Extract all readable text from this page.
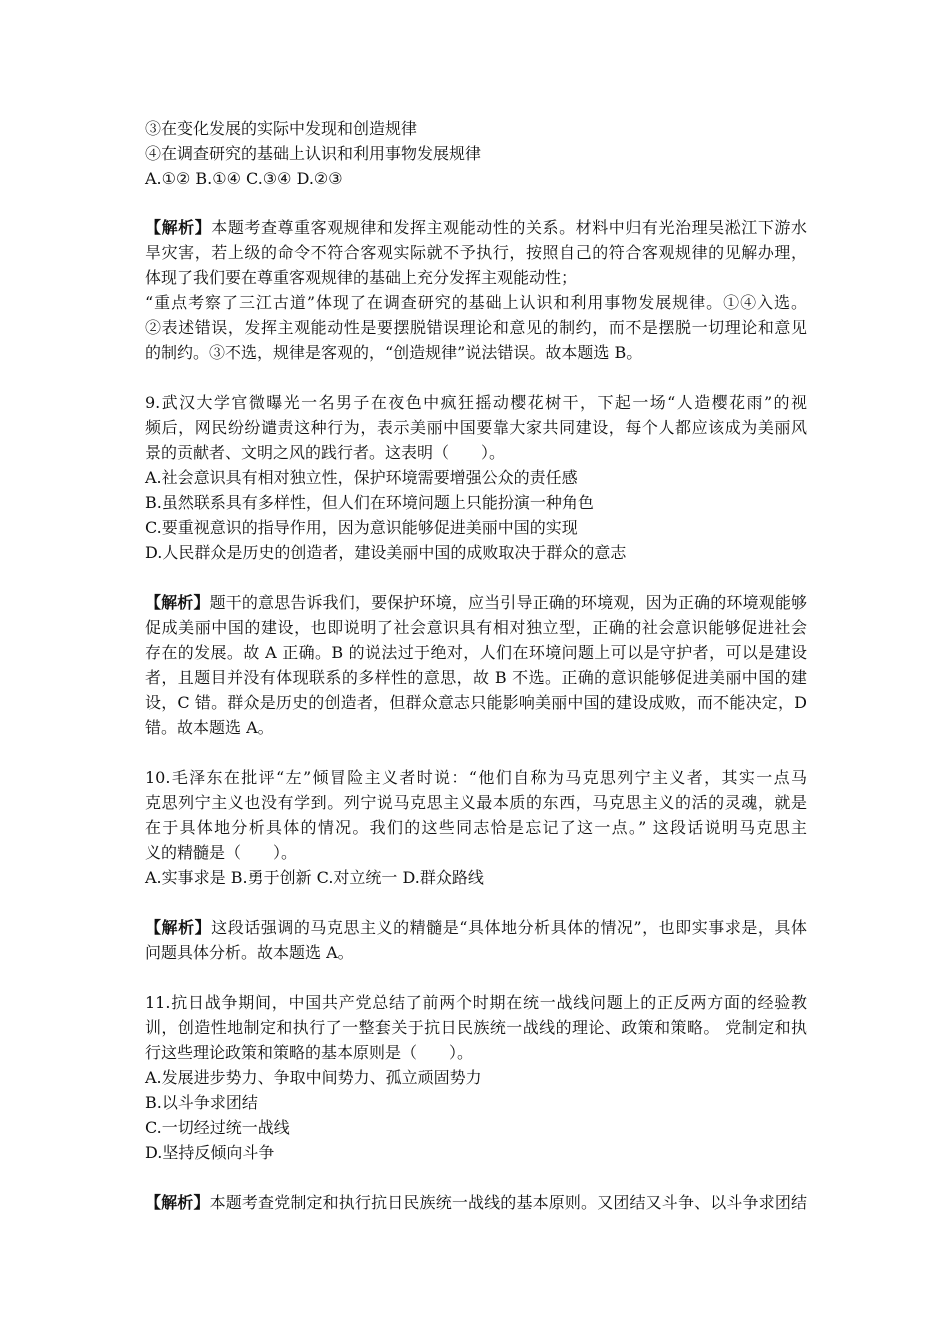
③在变化发展的实际中发现和创造规律
④在调查研究的基础上认识和利用事物发展规律
A.①② B.①④ C.③④ D.②③
【解析】本题考查尊重客观规律和发挥主观能动性的关系。材料中归有光治理吴淞江下游水
旱灾害，若上级的命令不符合客观实际就不予执行，按照自己的符合客观规律的见解办理，
体现了我们要在尊重客观规律的基础上充分发挥主观能动性；
“重点考察了三江古道”体现了在调查研究的基础上认识和利用事物发展规律。①④入选。
②表述错误，发挥主观能动性是要摆脱错误理论和意见的制约，而不是摆脱一切理论和意见
的制约。③不选，规律是客观的，“创造规律”说法错误。故本题选 B。
9.武汉大学官微曝光一名男子在夜色中疯狂摇动樱花树干，下起一场“人造樱花雨”的视
频后，网民纷纷谴责这种行为，表示美丽中国要靠大家共同建设，每个人都应该成为美丽风
景的贡献者、文明之风的践行者。这表明（　　）。
A.社会意识具有相对独立性，保护环境需要增强公众的责任感
B.虽然联系具有多样性，但人们在环境问题上只能扮演一种角色
C.要重视意识的指导作用，因为意识能够促进美丽中国的实现
D.人民群众是历史的创造者，建设美丽中国的成败取决于群众的意志
【解析】题干的意思告诉我们，要保护环境，应当引导正确的环境观，因为正确的环境观能够
促成美丽中国的建设，也即说明了社会意识具有相对独立型，正确的社会意识能够促进社会
存在的发展。故 A 正确。B 的说法过于绝对，人们在环境问题上可以是守护者，可以是建设
者，且题目并没有体现联系的多样性的意思，故 B 不选。正确的意识能够促进美丽中国的建
设，C 错。群众是历史的创造者，但群众意志只能影响美丽中国的建设成败，而不能决定，D
错。故本题选 A。
10.毛泽东在批评“左”倾冒险主义者时说：“他们自称为马克思列宁主义者，其实一点马
克思列宁主义也没有学到。列宁说马克思主义最本质的东西，马克思主义的活的灵魂，就是
在于具体地分析具体的情况。我们的这些同志恰是忘记了这一点。” 这段话说明马克思主
义的精髓是（　　）。
A.实事求是 B.勇于创新 C.对立统一 D.群众路线
【解析】这段话强调的马克思主义的精髓是“具体地分析具体的情况”，也即实事求是，具体
问题具体分析。故本题选 A。
11.抗日战争期间，中国共产党总结了前两个时期在统一战线问题上的正反两方面的经验教
训，创造性地制定和执行了一整套关于抗日民族统一战线的理论、政策和策略。 党制定和执
行这些理论政策和策略的基本原则是（　　）。
A.发展进步势力、争取中间势力、孤立顽固势力
B.以斗争求团结
C.一切经过统一战线
D.坚持反倾向斗争
【解析】本题考查党制定和执行抗日民族统一战线的基本原则。又团结又斗争、以斗争求团结
